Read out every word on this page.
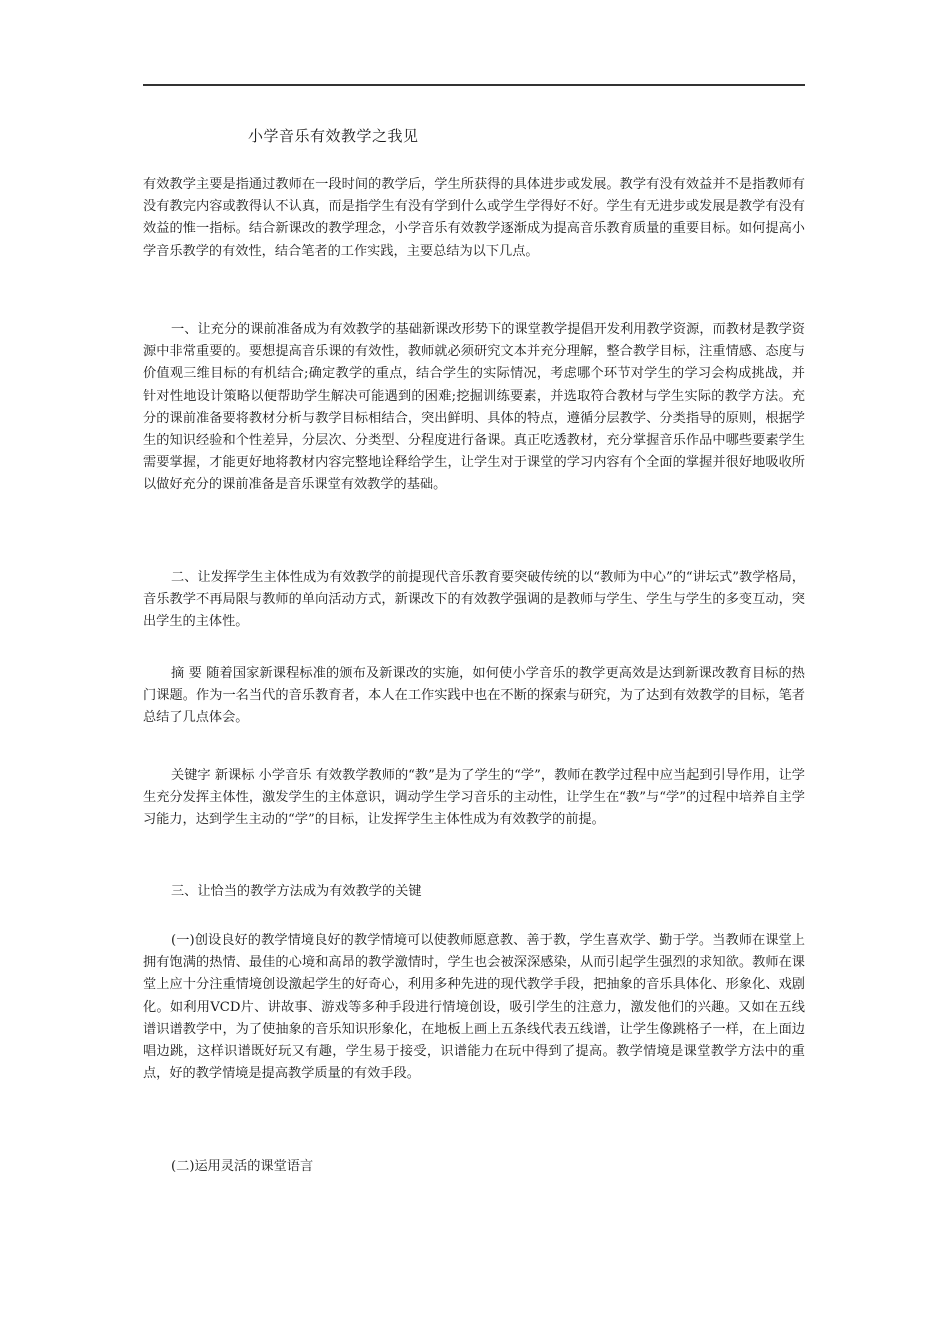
小学音乐有效教学之我见

有效教学主要是指通过教师在一段时间的教学后，学生所获得的具体进步或发展。教学有没有效益并不是指教师有没有教完内容或教得认不认真，而是指学生有没有学到什么或学生学得好不好。学生有无进步或发展是教学有没有效益的惟一指标。结合新课改的教学理念，小学音乐有效教学逐渐成为提高音乐教育质量的重要目标。如何提高小学音乐教学的有效性，结合笔者的工作实践，主要总结为以下几点。

一、让充分的课前准备成为有效教学的基础新课改形势下的课堂教学提倡开发利用教学资源，而教材是教学资源中非常重要的。要想提高音乐课的有效性，教师就必须研究文本并充分理解，整合教学目标，注重情感、态度与价值观三维目标的有机结合;确定教学的重点，结合学生的实际情况，考虑哪个环节对学生的学习会构成挑战，并针对性地设计策略以便帮助学生解决可能遇到的困难;挖掘训练要素，并选取符合教材与学生实际的教学方法。充分的课前准备要将教材分析与教学目标相结合，突出鲜明、具体的特点，遵循分层教学、分类指导的原则，根据学生的知识经验和个性差异，分层次、分类型、分程度进行备课。真正吃透教材，充分掌握音乐作品中哪些要素学生需要掌握，才能更好地将教材内容完整地诠释给学生，让学生对于课堂的学习内容有个全面的掌握并很好地吸收所以做好充分的课前准备是音乐课堂有效教学的基础。

二、让发挥学生主体性成为有效教学的前提现代音乐教育要突破传统的以“教师为中心”的“讲坛式”教学格局，音乐教学不再局限与教师的单向活动方式，新课改下的有效教学强调的是教师与学生、学生与学生的多变互动，突出学生的主体性。

摘 要 随着国家新课程标准的颁布及新课改的实施，如何使小学音乐的教学更高效是达到新课改教育目标的热门课题。作为一名当代的音乐教育者，本人在工作实践中也在不断的探索与研究，为了达到有效教学的目标，笔者总结了几点体会。

关键字 新课标 小学音乐 有效教学教师的“教”是为了学生的“学”，教师在教学过程中应当起到引导作用，让学生充分发挥主体性，激发学生的主体意识，调动学生学习音乐的主动性，让学生在“教”与“学”的过程中培养自主学习能力，达到学生主动的“学”的目标，让发挥学生主体性成为有效教学的前提。

三、让恰当的教学方法成为有效教学的关键

(一)创设良好的教学情境良好的教学情境可以使教师愿意教、善于教，学生喜欢学、勤于学。当教师在课堂上拥有饱满的热情、最佳的心境和高昂的教学激情时，学生也会被深深感染，从而引起学生强烈的求知欲。教师在课堂上应十分注重情境创设激起学生的好奇心，利用多种先进的现代教学手段，把抽象的音乐具体化、形象化、戏剧化。如利用VCD片、讲故事、游戏等多种手段进行情境创设，吸引学生的注意力，激发他们的兴趣。又如在五线谱识谱教学中，为了使抽象的音乐知识形象化，在地板上画上五条线代表五线谱，让学生像跳格子一样，在上面边唱边跳，这样识谱既好玩又有趣，学生易于接受，识谱能力在玩中得到了提高。教学情境是课堂教学方法中的重点，好的教学情境是提高教学质量的有效手段。

(二)运用灵活的课堂语言
